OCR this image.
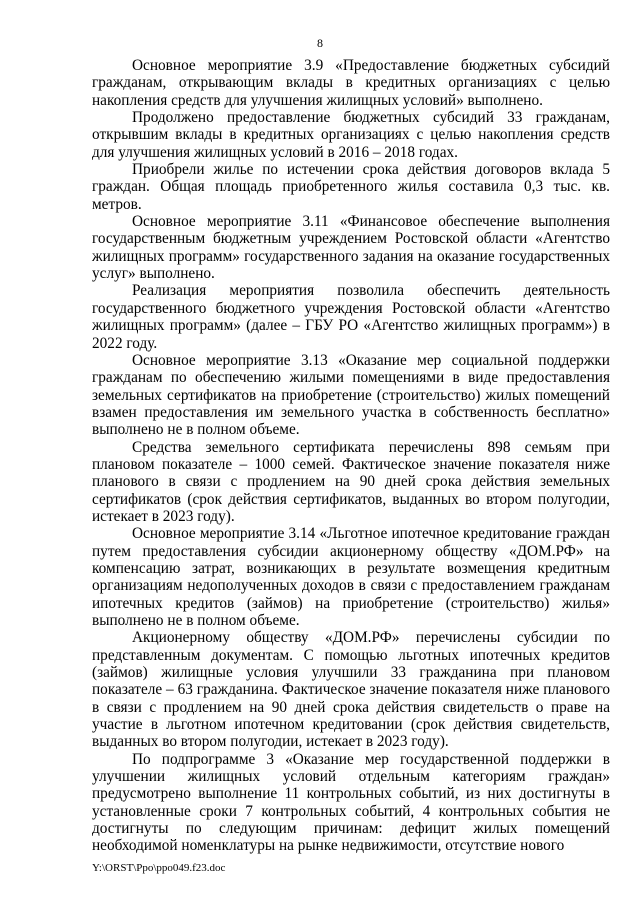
8

Основное мероприятие 3.9 «Предоставление бюджетных субсидий гражданам, открывающим вклады в кредитных организациях с целью накопления средств для улучшения жилищных условий» выполнено.

Продолжено предоставление бюджетных субсидий 33 гражданам, открывшим вклады в кредитных организациях с целью накопления средств для улучшения жилищных условий в 2016 – 2018 годах.

Приобрели жилье по истечении срока действия договоров вклада 5 граждан. Общая площадь приобретенного жилья составила 0,3 тыс. кв. метров.

Основное мероприятие 3.11 «Финансовое обеспечение выполнения государственным бюджетным учреждением Ростовской области «Агентство жилищных программ» государственного задания на оказание государственных услуг» выполнено.

Реализация мероприятия позволила обеспечить деятельность государственного бюджетного учреждения Ростовской области «Агентство жилищных программ» (далее – ГБУ РО «Агентство жилищных программ») в 2022 году.

Основное мероприятие 3.13 «Оказание мер социальной поддержки гражданам по обеспечению жилыми помещениями в виде предоставления земельных сертификатов на приобретение (строительство) жилых помещений взамен предоставления им земельного участка в собственность бесплатно» выполнено не в полном объеме.

Средства земельного сертификата перечислены 898 семьям при плановом показателе – 1000 семей. Фактическое значение показателя ниже планового в связи с продлением на 90 дней срока действия земельных сертификатов (срок действия сертификатов, выданных во втором полугодии, истекает в 2023 году).

Основное мероприятие 3.14 «Льготное ипотечное кредитование граждан путем предоставления субсидии акционерному обществу «ДОМ.РФ» на компенсацию затрат, возникающих в результате возмещения кредитным организациям недополученных доходов в связи с предоставлением гражданам ипотечных кредитов (займов) на приобретение (строительство) жилья» выполнено не в полном объеме.

Акционерному обществу «ДОМ.РФ» перечислены субсидии по представленным документам. С помощью льготных ипотечных кредитов (займов) жилищные условия улучшили 33 гражданина при плановом показателе – 63 гражданина. Фактическое значение показателя ниже планового в связи с продлением на 90 дней срока действия свидетельств о праве на участие в льготном ипотечном кредитовании (срок действия свидетельств, выданных во втором полугодии, истекает в 2023 году).

По подпрограмме 3 «Оказание мер государственной поддержки в улучшении жилищных условий отдельным категориям граждан» предусмотрено выполнение 11 контрольных событий, из них достигнуты в установленные сроки 7 контрольных событий, 4 контрольных события не достигнуты по следующим причинам: дефицит жилых помещений необходимой номенклатуры на рынке недвижимости, отсутствие нового

Y:\ORST\Ppo\ppo049.f23.doc
